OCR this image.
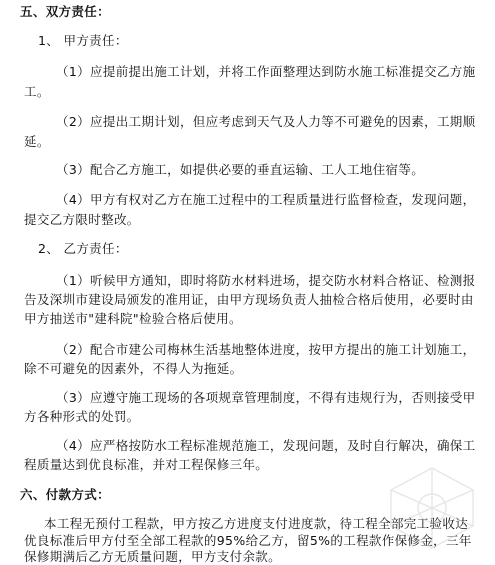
五、双方责任：
1、 甲方责任：
（1）应提前提出施工计划，并将工作面整理达到防水施工标准提交乙方施
工。
（2）应提出工期计划，但应考虑到天气及人力等不可避免的因素，工期顺
延。
（3）配合乙方施工，如提供必要的垂直运输、工人工地住宿等。
（4）甲方有权对乙方在施工过程中的工程质量进行监督检查，发现问题，
提交乙方限时整改。
2、 乙方责任：
（1）听候甲方通知，即时将防水材料进场，提交防水材料合格证、检测报
告及深圳市建设局颁发的准用证，由甲方现场负责人抽检合格后使用，必要时由
甲方抽送市"建科院"检验合格后使用。
（2）配合市建公司梅林生活基地整体进度，按甲方提出的施工计划施工，
除不可避免的因素外，不得人为拖延。
（3）应遵守施工现场的各项规章管理制度，不得有违规行为，否则接受甲
方各种形式的处罚。
（4）应严格按防水工程标准规范施工，发现问题，及时自行解决，确保工
程质量达到优良标准，并对工程保修三年。
六、付款方式：
本工程无预付工程款，甲方按乙方进度支付进度款，待工程全部完工验收达
优良标准后甲方付至全部工程款的95%给乙方，留5%的工程款作保修金，三年
保修期满后乙方无质量问题，甲方支付余款。
